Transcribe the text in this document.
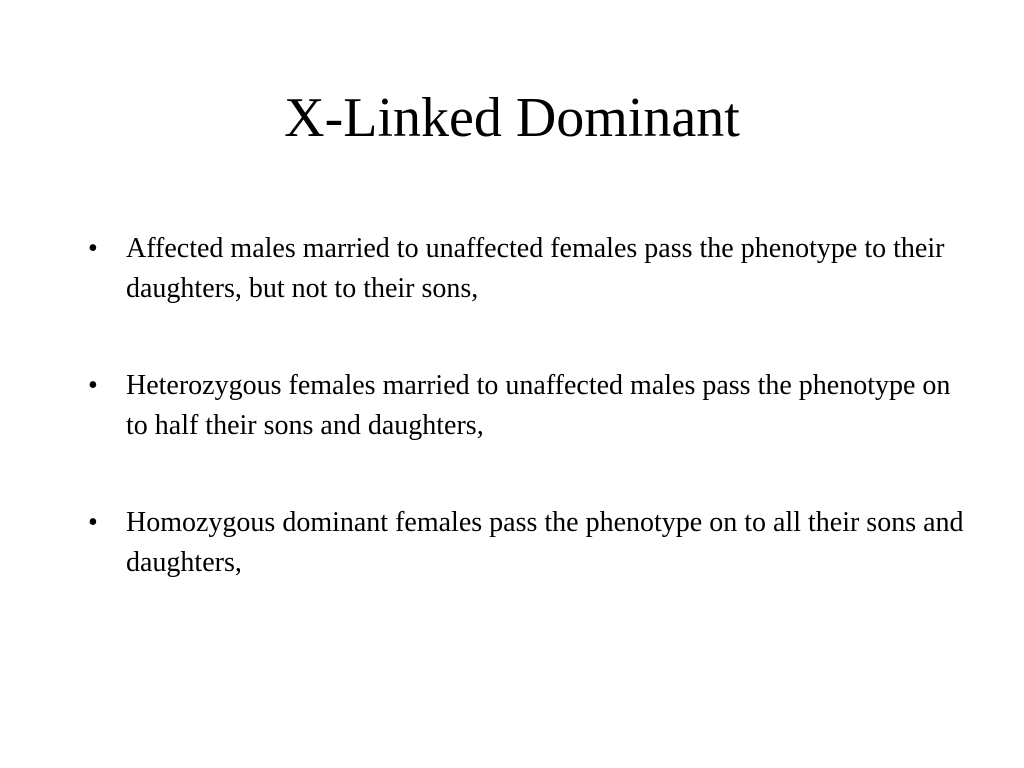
X-Linked Dominant
•	Affected males married to unaffected females pass the phenotype to their daughters, but not to their sons,
•	Heterozygous females married to unaffected males pass the phenotype on to half their sons and daughters,
•	Homozygous dominant females pass the phenotype on to all their sons and daughters,
